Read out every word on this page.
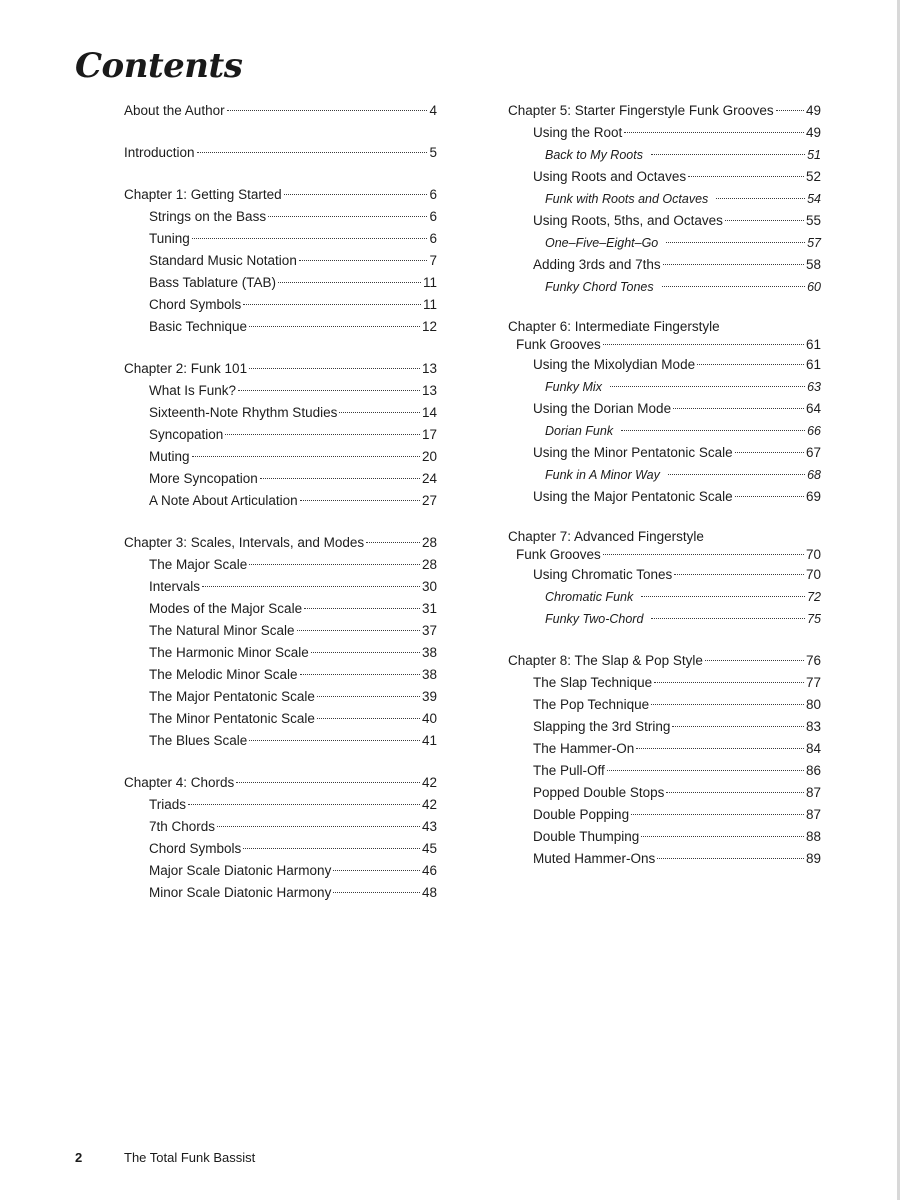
Contents
About the Author	4
Introduction	5
Chapter 1: Getting Started	6
Strings on the Bass	6
Tuning	6
Standard Music Notation	7
Bass Tablature (TAB)	11
Chord Symbols	11
Basic Technique	12
Chapter 2: Funk 101	13
What Is Funk?	13
Sixteenth-Note Rhythm Studies	14
Syncopation	17
Muting	20
More Syncopation	24
A Note About Articulation	27
Chapter 3: Scales, Intervals, and Modes	28
The Major Scale	28
Intervals	30
Modes of the Major Scale	31
The Natural Minor Scale	37
The Harmonic Minor Scale	38
The Melodic Minor Scale	38
The Major Pentatonic Scale	39
The Minor Pentatonic Scale	40
The Blues Scale	41
Chapter 4: Chords	42
Triads	42
7th Chords	43
Chord Symbols	45
Major Scale Diatonic Harmony	46
Minor Scale Diatonic Harmony	48
Chapter 5: Starter Fingerstyle Funk Grooves 49
Using the Root	49
Back to My Roots	51
Using Roots and Octaves	52
Funk with Roots and Octaves	54
Using Roots, 5ths, and Octaves	55
One–Five–Eight–Go	57
Adding 3rds and 7ths	58
Funky Chord Tones	60
Chapter 6: Intermediate Fingerstyle
Funk Grooves	61
Using the Mixolydian Mode	61
Funky Mix	63
Using the Dorian Mode	64
Dorian Funk	66
Using the Minor Pentatonic Scale	67
Funk in A Minor Way	68
Using the Major Pentatonic Scale	69
Chapter 7: Advanced Fingerstyle
Funk Grooves	70
Using Chromatic Tones	70
Chromatic Funk	72
Funky Two-Chord	75
Chapter 8: The Slap & Pop Style	76
The Slap Technique	77
The Pop Technique	80
Slapping the 3rd String	83
The Hammer-On	84
The Pull-Off	86
Popped Double Stops	87
Double Popping	87
Double Thumping	88
Muted Hammer-Ons	89
2	The Total Funk Bassist
